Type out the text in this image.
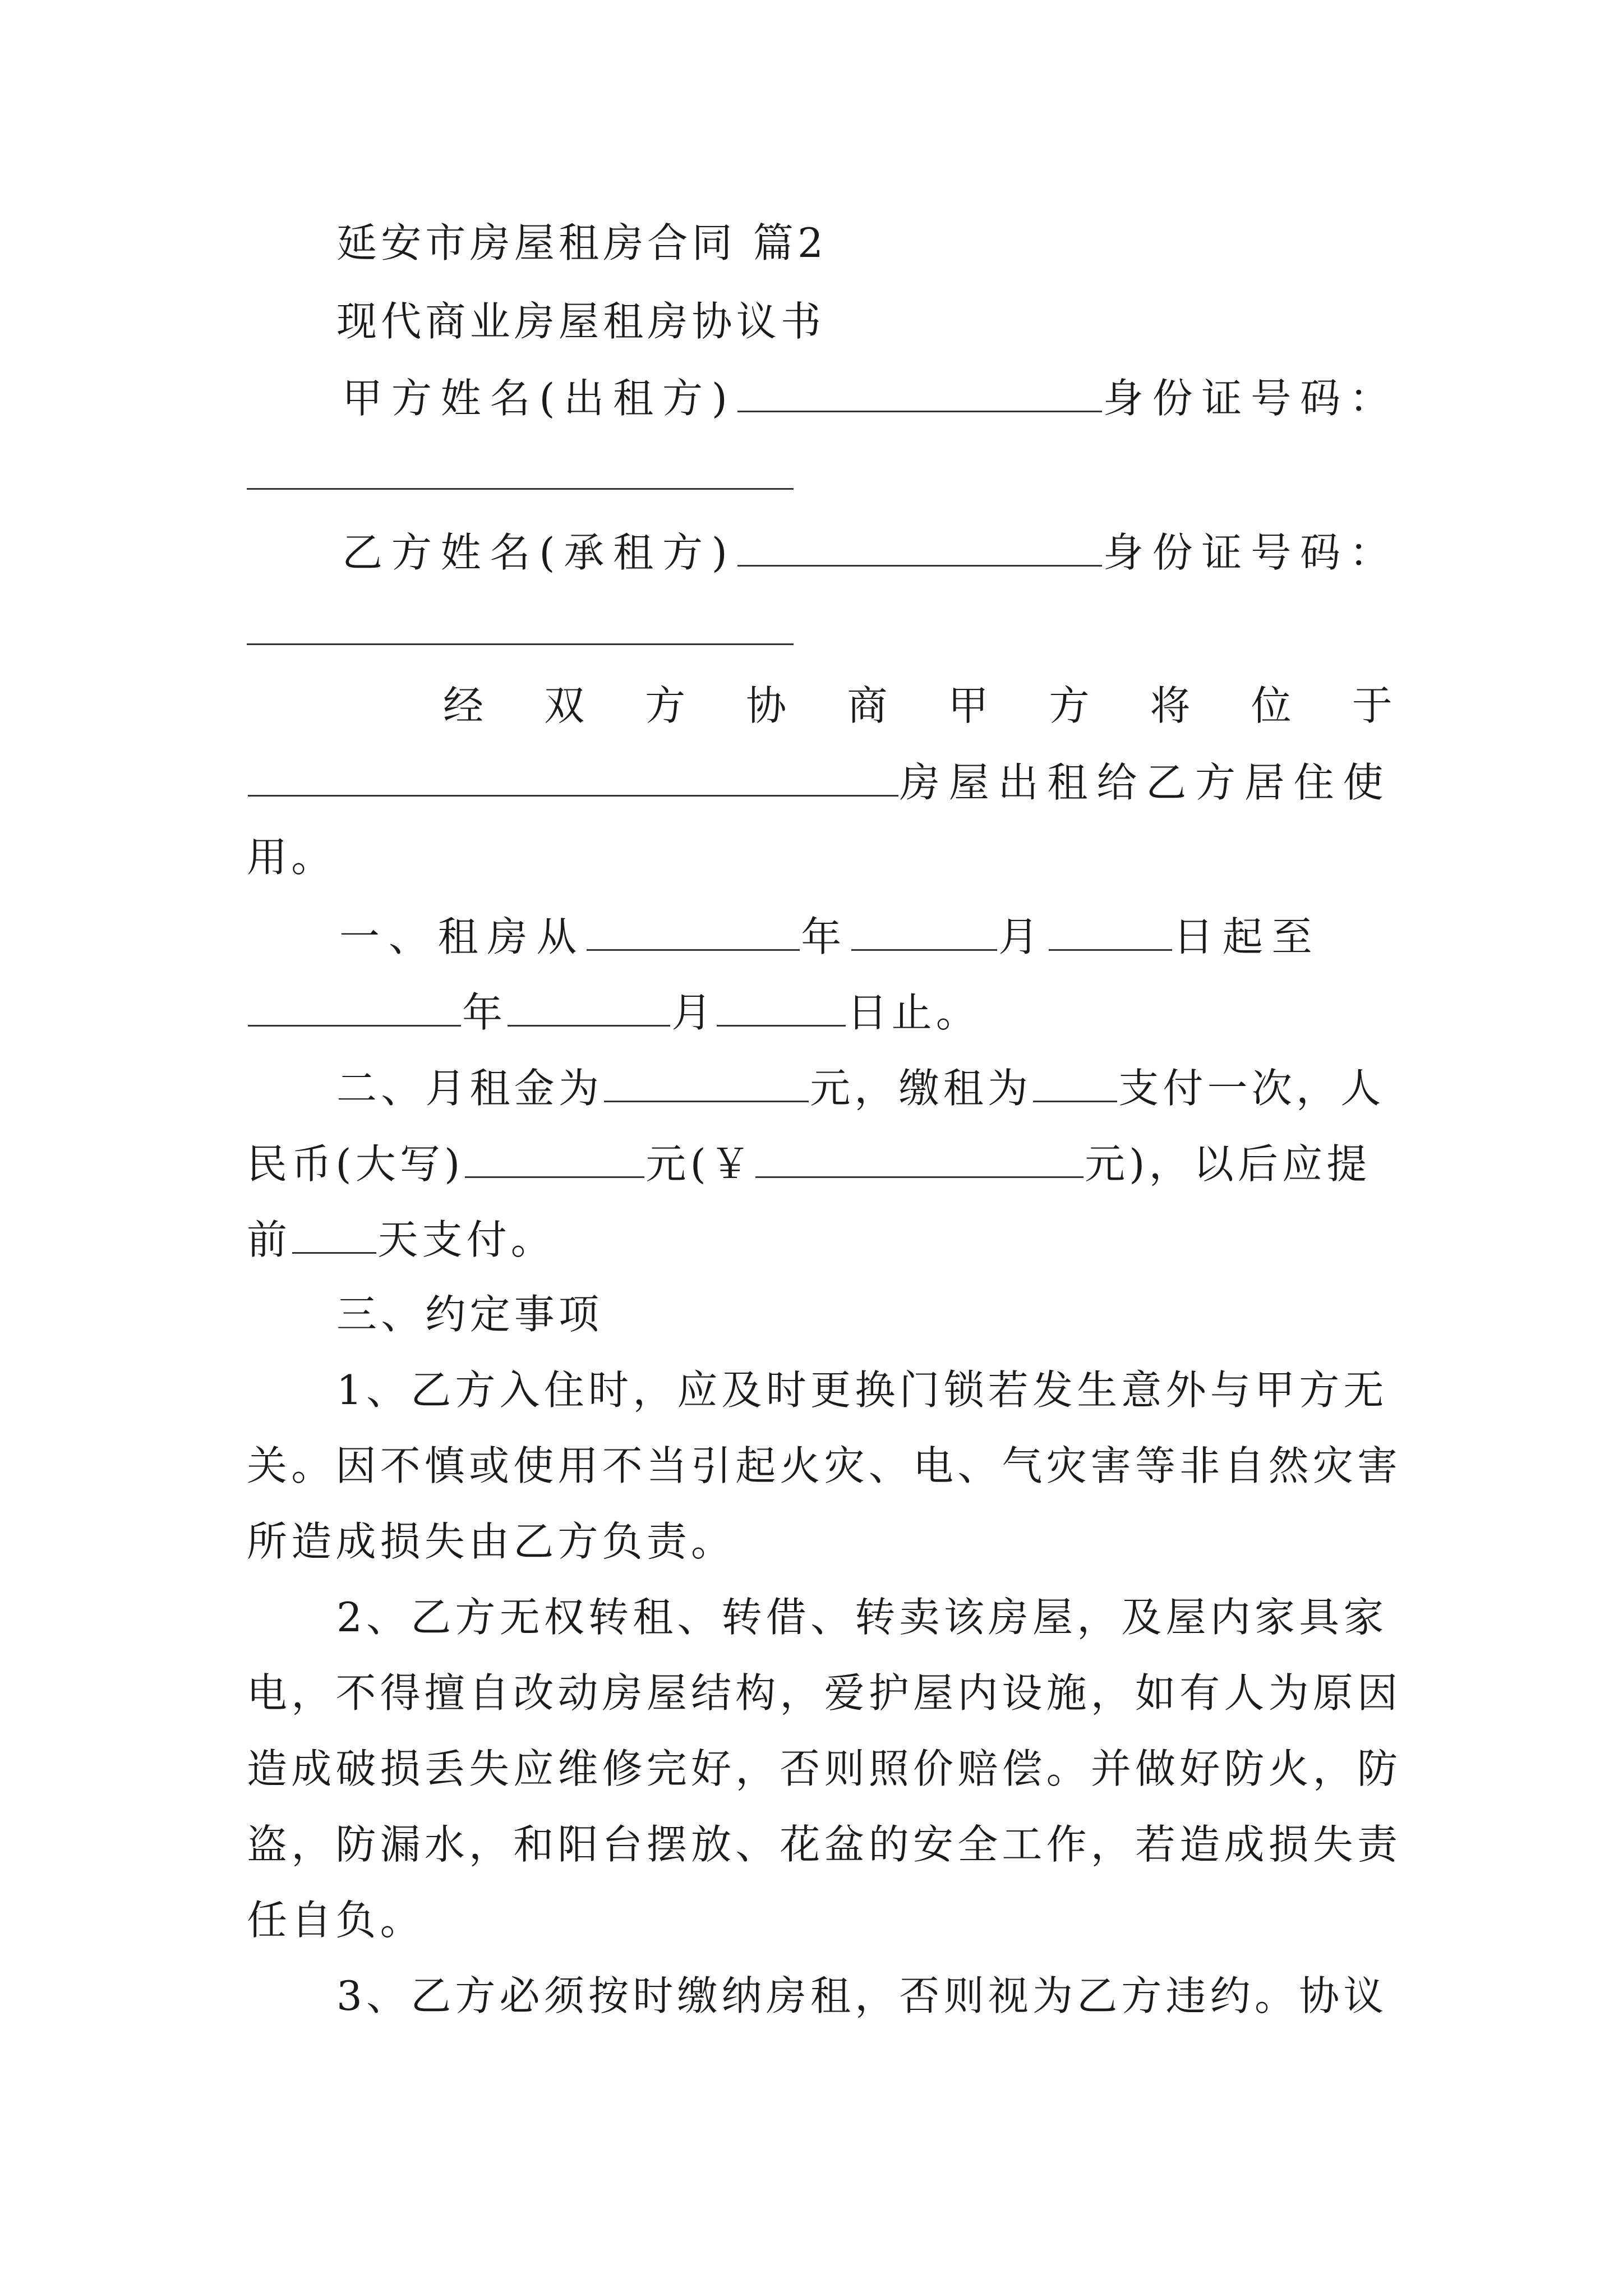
延安市房屋租房合同 篇2
现代商业房屋租房协议书
甲方姓名(出租方)	身份证号码：
乙方姓名(承租方)	身份证号码：
经 双 方 协 商 甲 方 将 位 于
房屋出租给乙方居住使
用。
一、租房从	年	月	日起至
年	月	日止。
二、月租金为	元，缴租为 支付一次，人
民币(大写)	元(￥	元)，以后应提
前 天支付。
三、约定事项
1、乙方入住时，应及时更换门锁若发生意外与甲方无
关。因不慎或使用不当引起火灾、电、气灾害等非自然灾害
所造成损失由乙方负责。
2、乙方无权转租、转借、转卖该房屋，及屋内家具家
电，不得擅自改动房屋结构，爱护屋内设施，如有人为原因
造成破损丢失应维修完好，否则照价赔偿。并做好防火，防
盗，防漏水，和阳台摆放、花盆的安全工作，若造成损失责
任自负。
3、乙方必须按时缴纳房租，否则视为乙方违约。协议
